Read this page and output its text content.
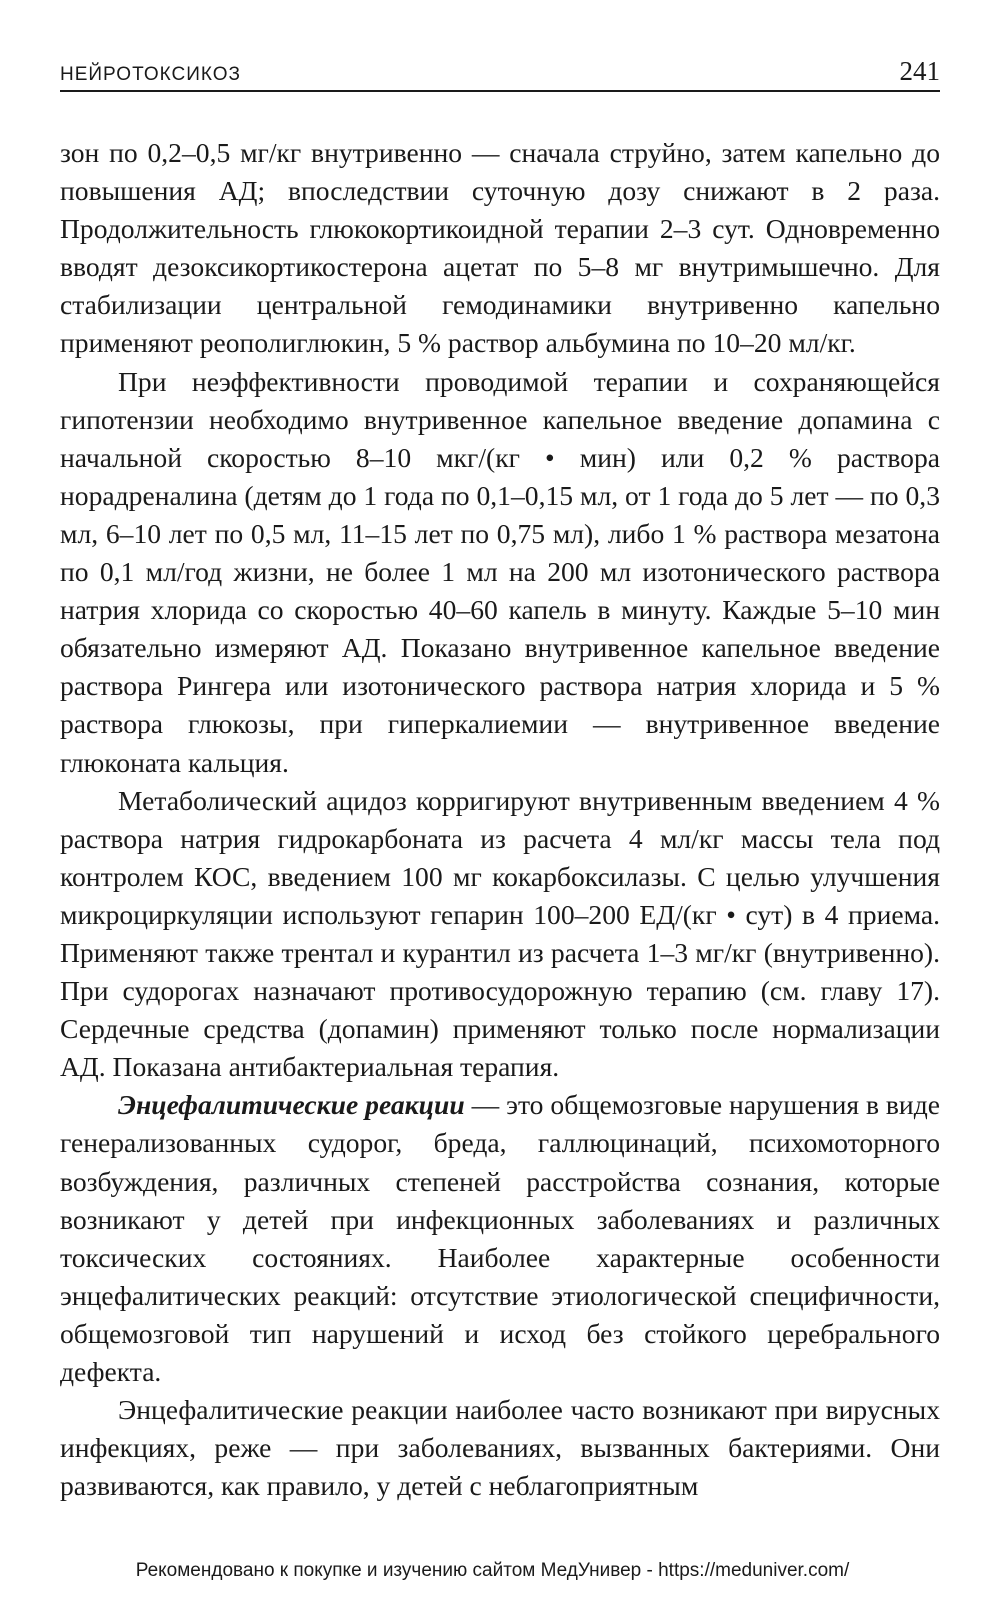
НЕЙРОТОКСИКОЗ	241

зон по 0,2–0,5 мг/кг внутривенно — сначала струйно, затем капельно до повышения АД; впоследствии суточную дозу снижают в 2 раза. Продолжительность глюкокортикоидной терапии 2–3 сут. Одновременно вводят дезоксикортикостерона ацетат по 5–8 мг внутримышечно. Для стабилизации центральной гемодинамики внутривенно капельно применяют реополиглюкин, 5 % раствор альбумина по 10–20 мл/кг.

При неэффективности проводимой терапии и сохраняющейся гипотензии необходимо внутривенное капельное введение допамина с начальной скоростью 8–10 мкг/(кг • мин) или 0,2 % раствора норадреналина (детям до 1 года по 0,1–0,15 мл, от 1 года до 5 лет — по 0,3 мл, 6–10 лет по 0,5 мл, 11–15 лет по 0,75 мл), либо 1 % раствора мезатона по 0,1 мл/год жизни, не более 1 мл на 200 мл изотонического раствора натрия хлорида со скоростью 40–60 капель в минуту. Каждые 5–10 мин обязательно измеряют АД. Показано внутривенное капельное введение раствора Рингера или изотонического раствора натрия хлорида и 5 % раствора глюкозы, при гиперкалиемии — внутривенное введение глюконата кальция.

Метаболический ацидоз корригируют внутривенным введением 4 % раствора натрия гидрокарбоната из расчета 4 мл/кг массы тела под контролем КОС, введением 100 мг кокарбоксилазы. С целью улучшения микроциркуляции используют гепарин 100–200 ЕД/(кг • сут) в 4 приема. Применяют также трентал и курантил из расчета 1–3 мг/кг (внутривенно). При судорогах назначают противосудорожную терапию (см. главу 17). Сердечные средства (допамин) применяют только после нормализации АД. Показана антибактериальная терапия.

Энцефалитические реакции — это общемозговые нарушения в виде генерализованных судорог, бреда, галлюцинаций, психомоторного возбуждения, различных степеней расстройства сознания, которые возникают у детей при инфекционных заболеваниях и различных токсических состояниях. Наиболее характерные особенности энцефалитических реакций: отсутствие этиологической специфичности, общемозговой тип нарушений и исход без стойкого церебрального дефекта.

Энцефалитические реакции наиболее часто возникают при вирусных инфекциях, реже — при заболеваниях, вызванных бактериями. Они развиваются, как правило, у детей с неблагоприятным

Рекомендовано к покупке и изучению сайтом МедУнивер - https://meduniver.com/
